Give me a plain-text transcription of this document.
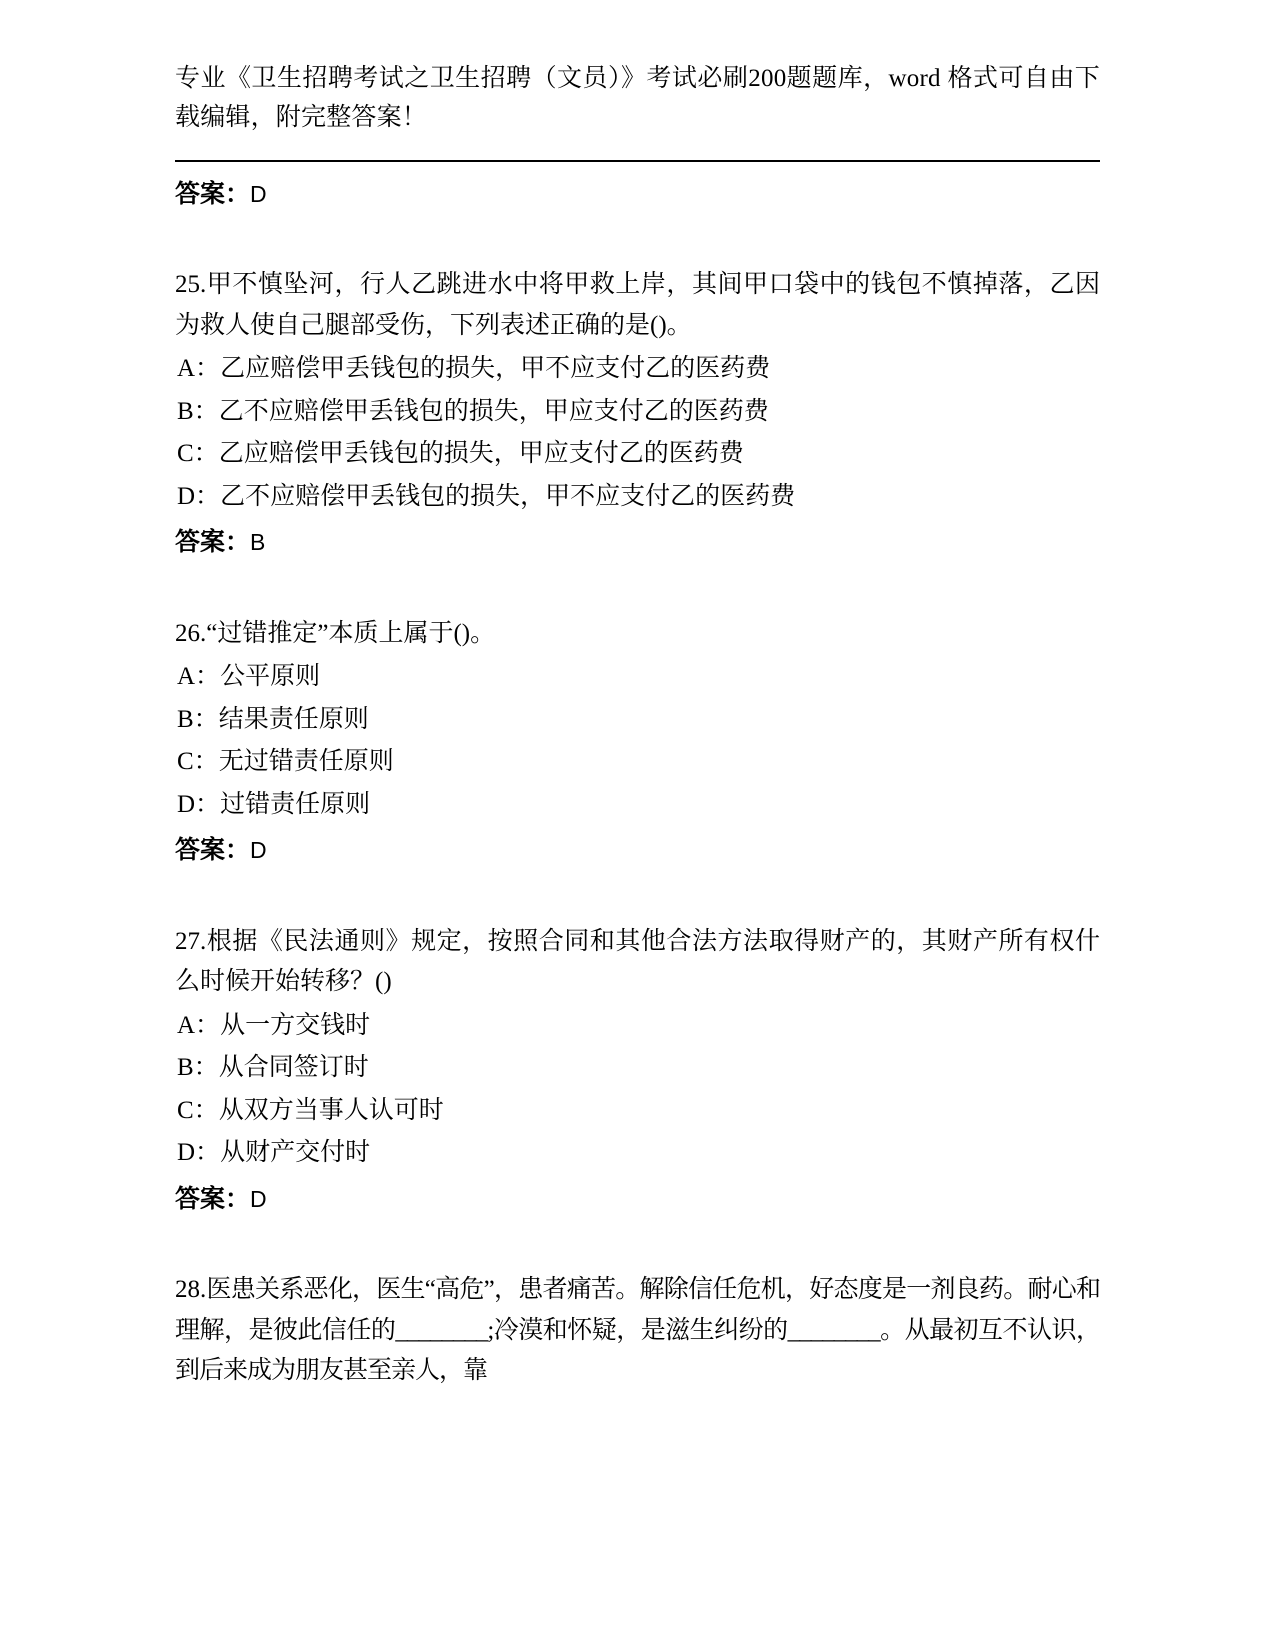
专业《卫生招聘考试之卫生招聘（文员）》考试必刷200题题库，word 格式可自由下载编辑，附完整答案！

答案：D

25.甲不慎坠河，行人乙跳进水中将甲救上岸，其间甲口袋中的钱包不慎掉落，乙因为救人使自己腿部受伤，下列表述正确的是()。

A：乙应赔偿甲丢钱包的损失，甲不应支付乙的医药费

B：乙不应赔偿甲丢钱包的损失，甲应支付乙的医药费

C：乙应赔偿甲丢钱包的损失，甲应支付乙的医药费

D：乙不应赔偿甲丢钱包的损失，甲不应支付乙的医药费

答案：B

26.“过错推定”本质上属于()。

A：公平原则

B：结果责任原则

C：无过错责任原则

D：过错责任原则

答案：D

27.根据《民法通则》规定，按照合同和其他合法方法取得财产的，其财产所有权什么时候开始转移？()

A：从一方交钱时

B：从合同签订时

C：从双方当事人认可时

D：从财产交付时

答案：D

28.医患关系恶化，医生“高危”，患者痛苦。解除信任危机，好态度是一剂良药。耐心和理解，是彼此信任的________;冷漠和怀疑，是滋生纠纷的________。从最初互不认识，到后来成为朋友甚至亲人，靠
